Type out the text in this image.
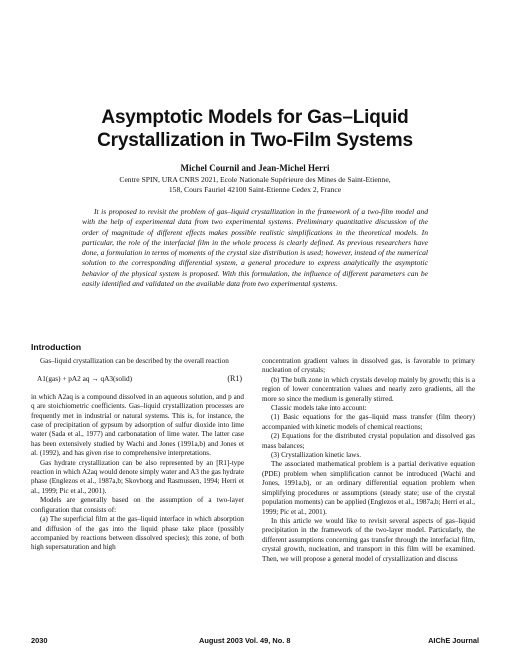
Asymptotic Models for Gas–Liquid
Crystallization in Two-Film Systems
Michel Cournil and Jean-Michel Herri
Centre SPIN, URA CNRS 2021, Ecole Nationale Supérieure des Mines de Saint-Etienne,
158, Cours Fauriel 42100 Saint-Etienne Cedex 2, France

It is proposed to revisit the problem of gas–liquid crystallization in the framework of a two-film model and with the help of experimental data from two experimental systems. Preliminary quantitative discussion of the order of magnitude of different effects makes possible realistic simplifications in the theoretical models. In particular, the role of the interfacial film in the whole process is clearly defined. As previous researchers have done, a formulation in terms of moments of the crystal size distribution is used; however, instead of the numerical solution to the corresponding differential system, a general procedure to express analytically the asymptotic behavior of the physical system is proposed. With this formulation, the influence of different parameters can be easily identified and validated on the available data from two experimental systems.

Introduction

Gas–liquid crystallization can be described by the overall reaction

A1(gas) + pA2 aq → qA3(solid)	(R1)

in which A2aq is a compound dissolved in an aqueous solution, and p and q are stoichiometric coefficients. Gas–liquid crystallization processes are frequently met in industrial or natural systems. This is, for instance, the case of precipitation of gypsum by adsorption of sulfur dioxide into lime water (Sada et al., 1977) and carbonatation of lime water. The latter case has been extensively studied by Wachi and Jones (1991a,b) and Jones et al. (1992), and has given rise to comprehensive interpretations.

Gas hydrate crystallization can be also represented by an [R1]-type reaction in which A2aq would denote simply water and A3 the gas hydrate phase (Englezos et al., 1987a,b; Skovborg and Rasmussen, 1994; Herri et al., 1999; Pic et al., 2001).

Models are generally based on the assumption of a two-layer configuration that consists of:

(a) The superficial film at the gas–liquid interface in which absorption and diffusion of the gas into the liquid phase take place (possibly accompanied by reactions between dissolved species); this zone, of both high supersaturation and high

concentration gradient values in dissolved gas, is favorable to primary nucleation of crystals;

(b) The bulk zone in which crystals develop mainly by growth; this is a region of lower concentration values and nearly zero gradients, all the more so since the medium is generally stirred.

Classic models take into account:

(1) Basic equations for the gas–liquid mass transfer (film theory) accompanied with kinetic models of chemical reactions;

(2) Equations for the distributed crystal population and dissolved gas mass balances;

(3) Crystallization kinetic laws.

The associated mathematical problem is a partial derivative equation (PDE) problem when simplification cannot be introduced (Wachi and Jones, 1991a,b), or an ordinary differential equation problem when simplifying procedures or assumptions (steady state; use of the crystal population moments) can be applied (Englezos et al., 1987a,b; Herri et al., 1999; Pic et al., 2001).

In this article we would like to revisit several aspects of gas–liquid precipitation in the framework of the two-layer model. Particularly, the different assumptions concerning gas transfer through the interfacial film, crystal growth, nucleation, and transport in this film will be examined. Then, we will propose a general model of crystallization and discuss

2030	August 2003 Vol. 49, No. 8	AIChE Journal
